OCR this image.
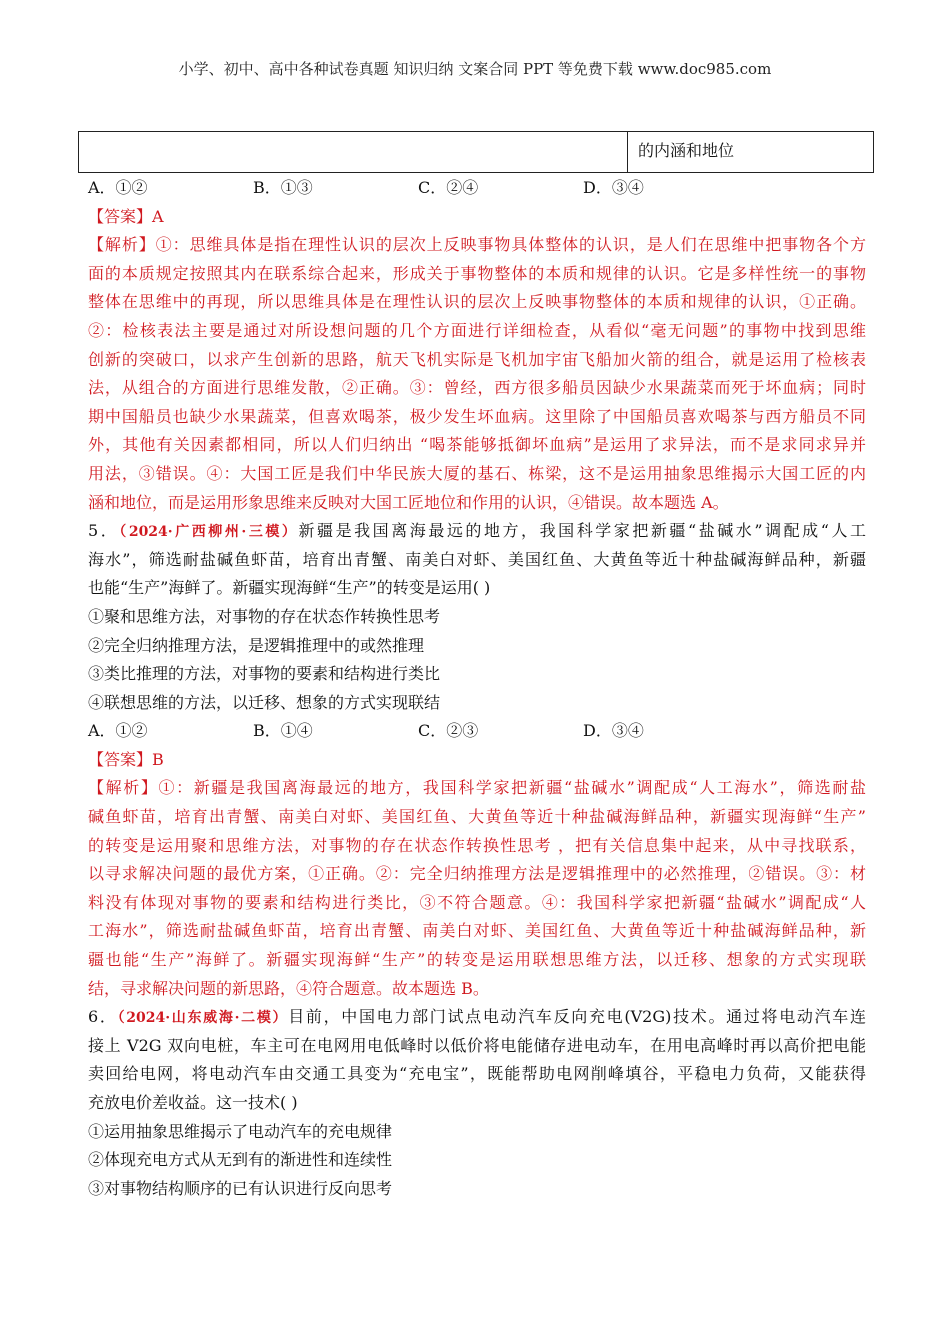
小学、初中、高中各种试卷真题 知识归纳 文案合同 PPT 等免费下载 www.doc985.com
的内涵和地位
A．①②	B．①③	C．②④	D．③④
【答案】A
【解析】①：思维具体是指在理性认识的层次上反映事物具体整体的认识，是人们在思维中把事物各个方
面的本质规定按照其内在联系综合起来，形成关于事物整体的本质和规律的认识。它是多样性统一的事物
整体在思维中的再现，所以思维具体是在理性认识的层次上反映事物整体的本质和规律的认识，①正确。
②：检核表法主要是通过对所设想问题的几个方面进行详细检查，从看似“毫无问题”的事物中找到思维
创新的突破口，以求产生创新的思路，航天飞机实际是飞机加宇宙飞船加火箭的组合，就是运用了检核表
法，从组合的方面进行思维发散，②正确。③：曾经，西方很多船员因缺少水果蔬菜而死于坏血病；同时
期中国船员也缺少水果蔬菜，但喜欢喝茶，极少发生坏血病。这里除了中国船员喜欢喝茶与西方船员不同
外，其他有关因素都相同，所以人们归纳出 “喝茶能够抵御坏血病”是运用了求异法，而不是求同求异并
用法，③错误。④：大国工匠是我们中华民族大厦的基石、栋梁，这不是运用抽象思维揭示大国工匠的内
涵和地位，而是运用形象思维来反映对大国工匠地位和作用的认识，④错误。故本题选 A。
5．（2024·广西柳州·三模）新疆是我国离海最远的地方，我国科学家把新疆“盐碱水”调配成“人工
海水”，筛选耐盐碱鱼虾苗，培育出青蟹、南美白对虾、美国红鱼、大黄鱼等近十种盐碱海鲜品种，新疆
也能“生产”海鲜了。新疆实现海鲜“生产”的转变是运用( )
①聚和思维方法，对事物的存在状态作转换性思考
②完全归纳推理方法，是逻辑推理中的或然推理
③类比推理的方法，对事物的要素和结构进行类比
④联想思维的方法，以迁移、想象的方式实现联结
A．①②	B．①④	C．②③	D．③④
【答案】B
【解析】①：新疆是我国离海最远的地方，我国科学家把新疆“盐碱水”调配成“人工海水”，筛选耐盐
碱鱼虾苗，培育出青蟹、南美白对虾、美国红鱼、大黄鱼等近十种盐碱海鲜品种，新疆实现海鲜“生产”
的转变是运用聚和思维方法，对事物的存在状态作转换性思考 ，把有关信息集中起来，从中寻找联系，
以寻求解决问题的最优方案，①正确。②：完全归纳推理方法是逻辑推理中的必然推理，②错误。③：材
料没有体现对事物的要素和结构进行类比，③不符合题意。④：我国科学家把新疆“盐碱水”调配成“人
工海水”，筛选耐盐碱鱼虾苗，培育出青蟹、南美白对虾、美国红鱼、大黄鱼等近十种盐碱海鲜品种，新
疆也能“生产”海鲜了。新疆实现海鲜“生产”的转变是运用联想思维方法，以迁移、想象的方式实现联
结，寻求解决问题的新思路，④符合题意。故本题选 B。
6．（2024·山东威海·二模）目前，中国电力部门试点电动汽车反向充电(V2G)技术。通过将电动汽车连
接上 V2G 双向电桩，车主可在电网用电低峰时以低价将电能储存进电动车，在用电高峰时再以高价把电能
卖回给电网，将电动汽车由交通工具变为“充电宝”，既能帮助电网削峰填谷，平稳电力负荷，又能获得
充放电价差收益。这一技术( )
①运用抽象思维揭示了电动汽车的充电规律
②体现充电方式从无到有的渐进性和连续性
③对事物结构顺序的已有认识进行反向思考
